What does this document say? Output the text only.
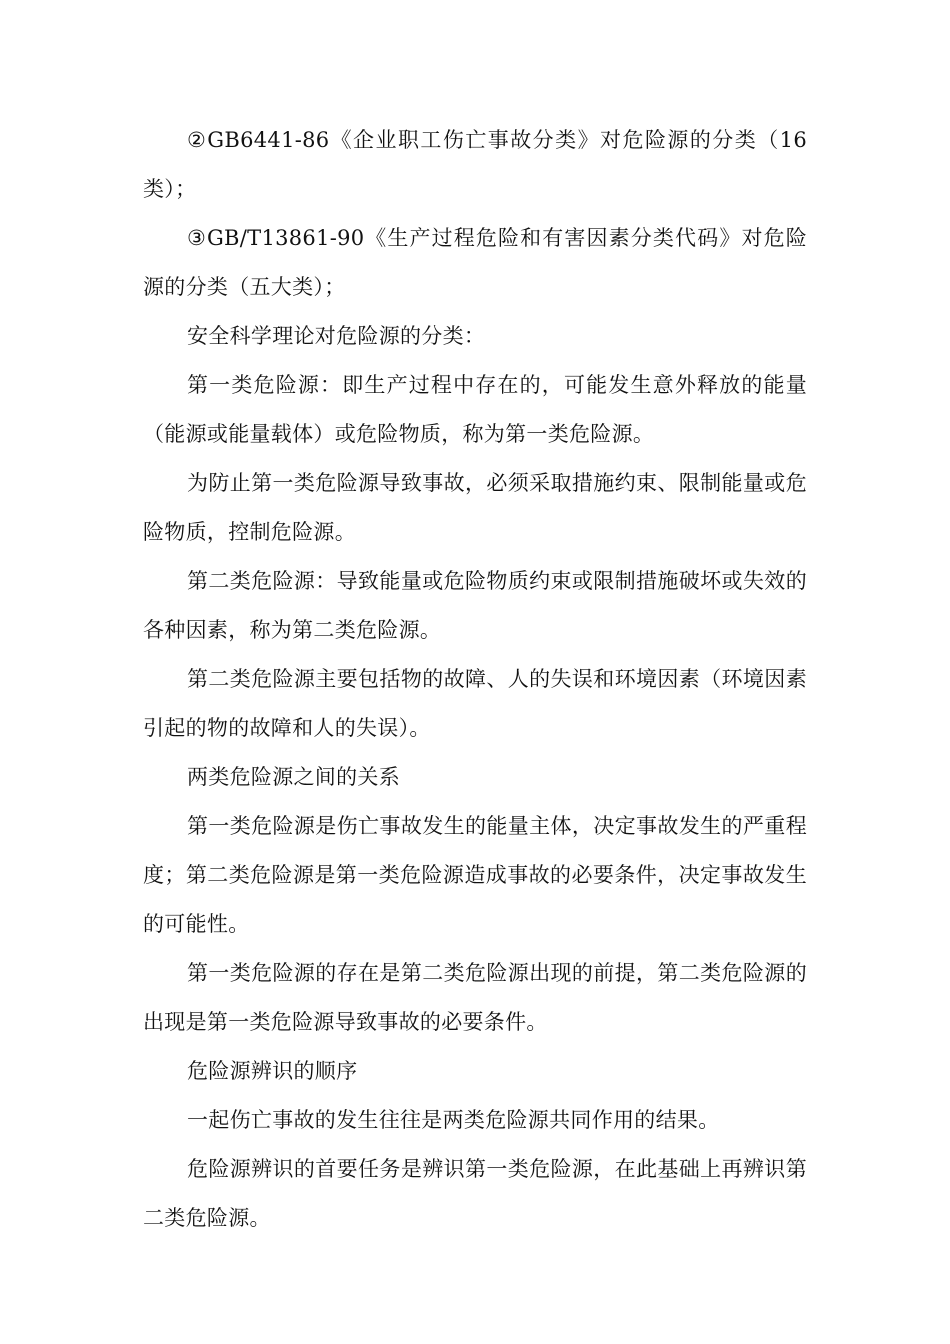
②GB6441-86《企业职工伤亡事故分类》对危险源的分类（16类）；

③GB/T13861-90《生产过程危险和有害因素分类代码》对危险源的分类（五大类）；

安全科学理论对危险源的分类：

第一类危险源：即生产过程中存在的，可能发生意外释放的能量（能源或能量载体）或危险物质，称为第一类危险源。

为防止第一类危险源导致事故，必须采取措施约束、限制能量或危险物质，控制危险源。

第二类危险源：导致能量或危险物质约束或限制措施破坏或失效的各种因素，称为第二类危险源。

第二类危险源主要包括物的故障、人的失误和环境因素（环境因素引起的物的故障和人的失误）。

两类危险源之间的关系

第一类危险源是伤亡事故发生的能量主体，决定事故发生的严重程度；第二类危险源是第一类危险源造成事故的必要条件，决定事故发生的可能性。

第一类危险源的存在是第二类危险源出现的前提，第二类危险源的出现是第一类危险源导致事故的必要条件。

危险源辨识的顺序

一起伤亡事故的发生往往是两类危险源共同作用的结果。

危险源辨识的首要任务是辨识第一类危险源，在此基础上再辨识第二类危险源。
